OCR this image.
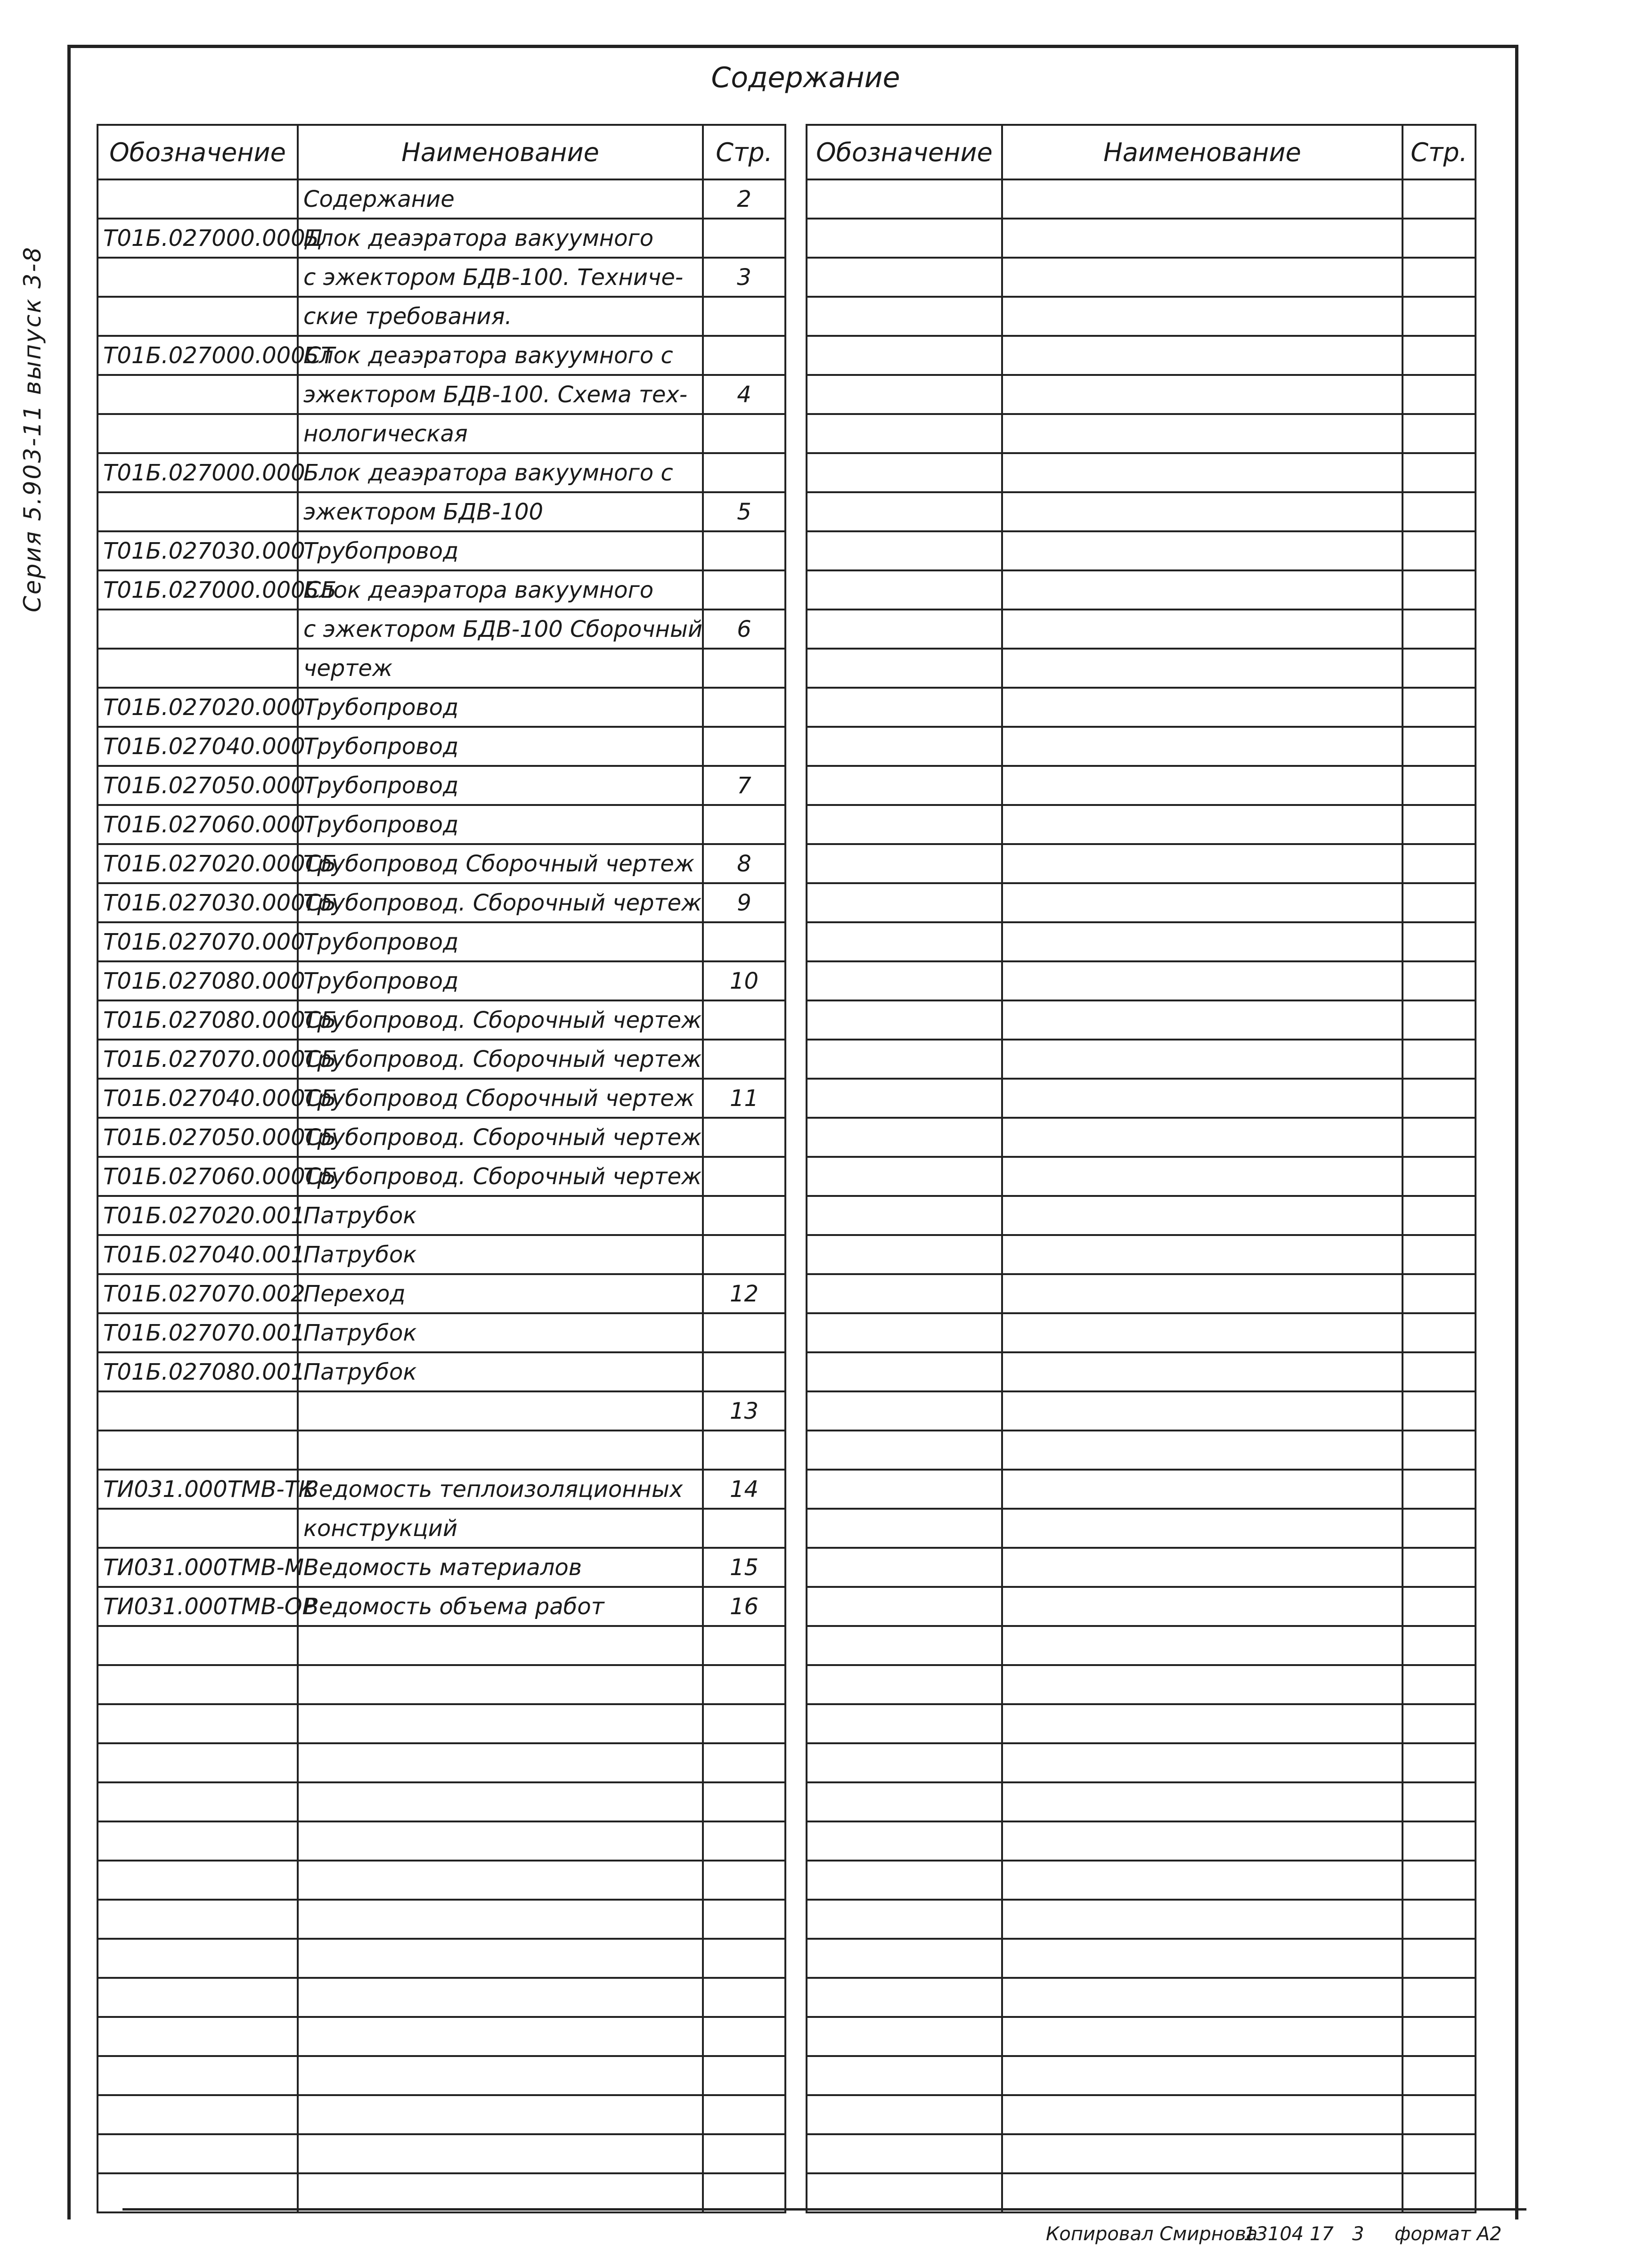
Серия 5.903-11 выпуск 3-8
Содержание
Обозначение	Наименование	Стр.
	Содержание	2
Т01Б.027000.000Д	Блок деаэратора вакуумного	
	с эжектором БДВ-100. Техниче-	3
	ские требования.	
Т01Б.027000.000СТ	Блок деаэратора вакуумного с	
	эжектором БДВ-100. Схема тех-	4
	нологическая	
Т01Б.027000.000	Блок деаэратора вакуумного с	
	эжектором БДВ-100	5
Т01Б.027030.000	Трубопровод	
Т01Б.027000.000СБ	Блок деаэратора вакуумного	
	с эжектором БДВ-100 Сборочный	6
	чертеж	
Т01Б.027020.000	Трубопровод	
Т01Б.027040.000	Трубопровод	
Т01Б.027050.000	Трубопровод	7
Т01Б.027060.000	Трубопровод	
Т01Б.027020.000СБ	Трубопровод Сборочный чертеж	8
Т01Б.027030.000СБ	Трубопровод. Сборочный чертеж	9
Т01Б.027070.000	Трубопровод	
Т01Б.027080.000	Трубопровод	10
Т01Б.027080.000СБ	Трубопровод. Сборочный чертеж	
Т01Б.027070.000СБ	Трубопровод. Сборочный чертеж	
Т01Б.027040.000СБ	Трубопровод Сборочный чертеж	11
Т01Б.027050.000СБ	Трубопровод. Сборочный чертеж	
Т01Б.027060.000СБ	Трубопровод. Сборочный чертеж	
Т01Б.027020.001	Патрубок	
Т01Б.027040.001	Патрубок	
Т01Б.027070.002	Переход	12
Т01Б.027070.001	Патрубок	
Т01Б.027080.001	Патрубок	
		13

ТИ031.000ТМВ-ТК	Ведомость теплоизоляционных	14
	конструкций	
ТИ031.000ТМВ-М	Ведомость материалов	15
ТИ031.000ТМВ-ОР	Ведомость объема работ	16

Обозначение	Наименование	Стр.

Копировал Смирнова
13104 17 3 формат А2
